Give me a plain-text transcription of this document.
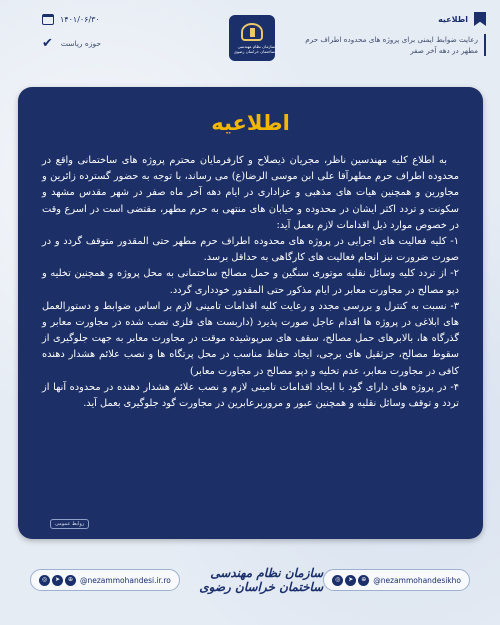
اطلاعیه
رعایت ضوابط ایمنی برای پروژه های محدوده اطراف حرم مطهر در دهه آخر صفر
سازمان نظام مهندسی ساختمان خراسان رضوی
۱۴۰۱/۰۶/۳۰
✔ حوزه ریاست
اطلاعیه

به اطلاع کلیه مهندسین ناظر، مجریان ذیصلاح و کارفرمایان محترم پروژه های ساختمانی واقع در محدوده اطراف حرم مطهرآقا علی ابن موسی الرضا(ع) می رساند، با توجه به حضور گسترده زائرین و مجاورین و همچنین هیات های مذهبی و عزاداری در ایام دهه آخر ماه صفر در شهر مقدس مشهد و سکونت و تردد اکثر ایشان در محدوده و خیابان های منتهی به حرم مطهر، مقتضی است در اسرع وقت در خصوص موارد ذیل اقدامات لازم بعمل آید:

۱- کلیه فعالیت های اجرایی در پروژه های محدوده اطراف حرم مطهر حتی المقدور متوقف گردد و در صورت ضرورت نیز انجام فعالیت های کارگاهی به حداقل برسد.

۲- از تردد کلیه وسائل نقلیه موتوری سنگین و حمل مصالح ساختمانی به محل پروژه و همچنین تخلیه و دپو مصالح در مجاورت معابر در ایام مذکور حتی المقدور خودداری گردد.

۳- نسبت به کنترل و بررسی مجدد و رعایت کلیه اقدامات تامینی لازم بر اساس ضوابط و دستورالعمل های ابلاغی در پروژه ها اقدام عاجل صورت پذیرد (داربست های فلزی نصب شده در مجاورت معابر و گذرگاه ها، بالابرهای حمل مصالح، سقف های سرپوشیده موقت در مجاورت معابر به جهت جلوگیری از سقوط مصالح، جرثقیل های برجی، ایجاد حفاظ مناسب در محل پرتگاه ها و نصب علائم هشدار دهنده کافی در مجاورت معابر، عدم تخلیه و دپو مصالح در مجاورت معابر)

۴- در پروژه های دارای گود با ایجاد اقدامات تامینی لازم و نصب علائم هشدار دهنده در محدوده آنها از تردد و توقف وسائل نقلیه و همچنین عبور و مروربرعابرین در مجاورت گود جلوگیری بعمل آید.

روابط عمومی
◎	➤	⊕ @nezammohandesi.ir.ro	سازمان نظام مهندسی ساختمان خراسان رضوی
◎	➤	⊕ @nezammohandesikho
